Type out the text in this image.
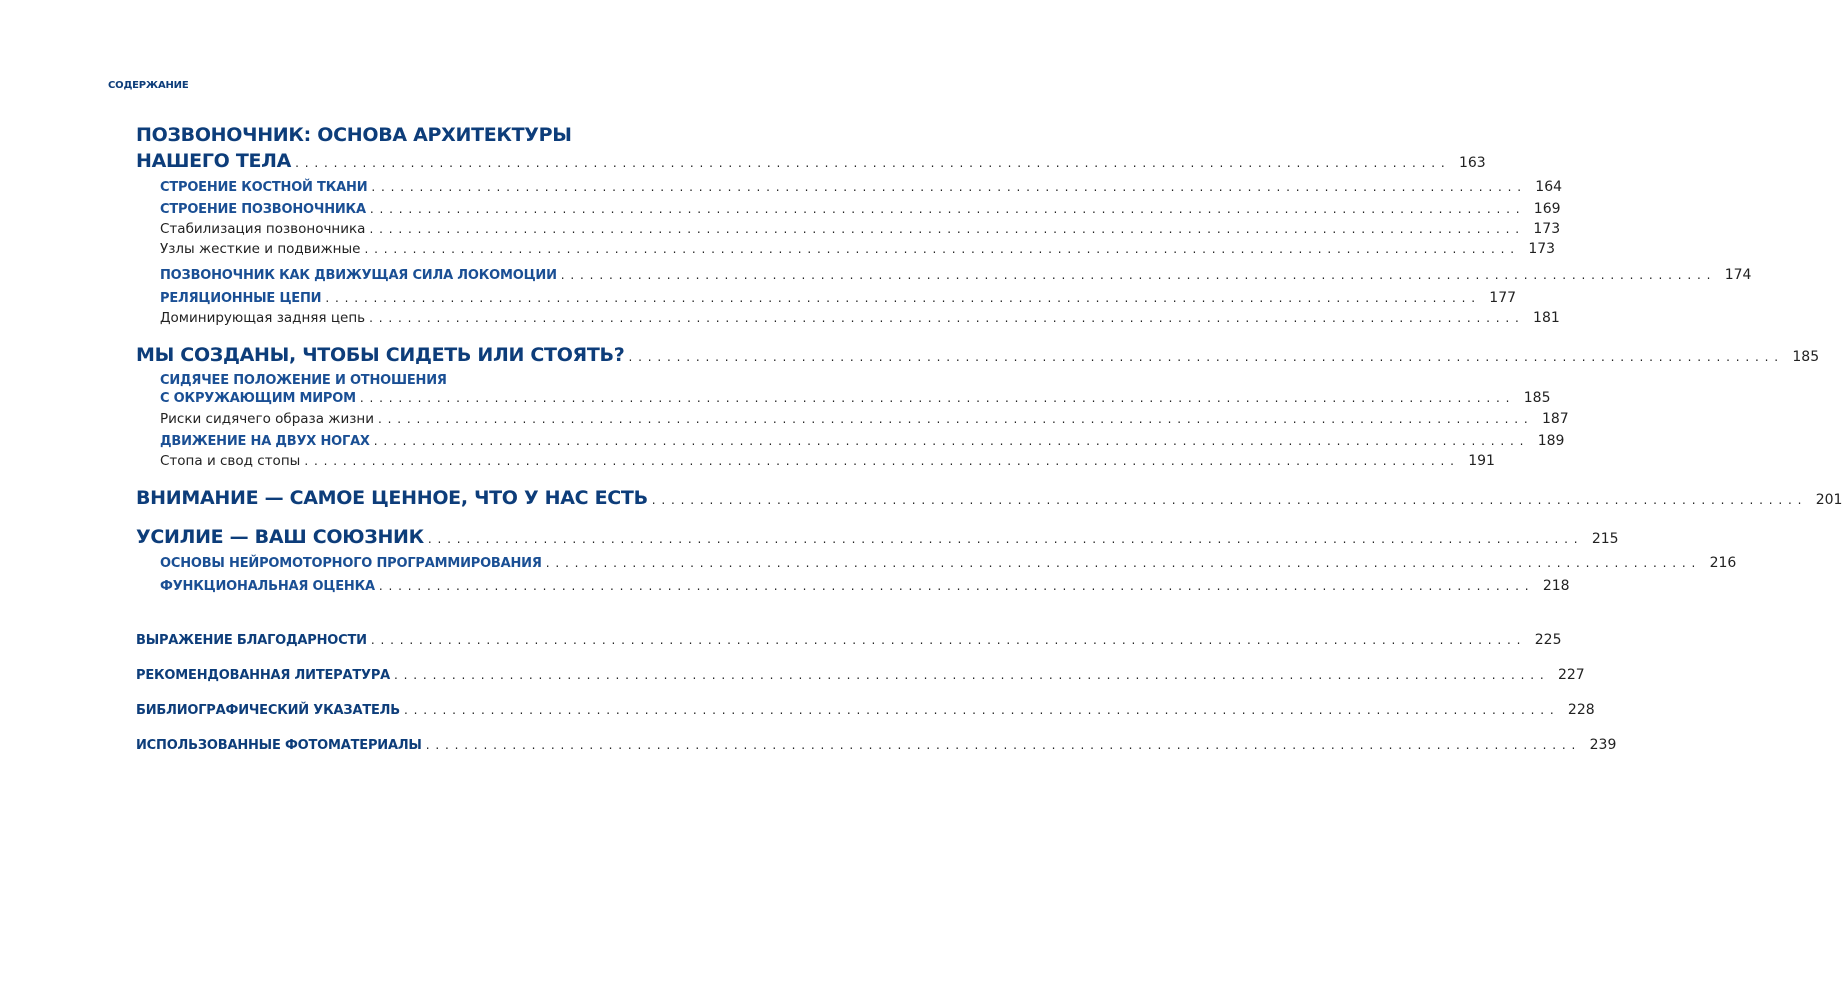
СОДЕРЖАНИЕ
ПОЗВОНОЧНИК: ОСНОВА АРХИТЕКТУРЫ
НАШЕГО ТЕЛА . . . . . . . . . . . . . . . . . . . . . . . . . . . . . . . . . . . . . . . . . . . . . . . . . . . . . . . . . . . . . . . . . . . . . . . . . . . . . . . . . . . . . . . . . . . . . . . . . . . . . . . . . . . . . . . . . . . . . . . . 163
СТРОЕНИЕ КОСТНОЙ ТКАНИ . . . . . . . . . . . . . . . . . . . . . . . . . . . . . . . . . . . . . . . . . . . . . . . . . . . . . . . . . . . . . . . . . . . . . . . . . . . . . . . . . . . . . . . . . . . . . . . . . . . . . . . . . . . . . . . . . . . . . . . . 164
СТРОЕНИЕ ПОЗВОНОЧНИКА . . . . . . . . . . . . . . . . . . . . . . . . . . . . . . . . . . . . . . . . . . . . . . . . . . . . . . . . . . . . . . . . . . . . . . . . . . . . . . . . . . . . . . . . . . . . . . . . . . . . . . . . . . . . . . . . . . . . . . . . 169
Стабилизация позвоночника . . . . . . . . . . . . . . . . . . . . . . . . . . . . . . . . . . . . . . . . . . . . . . . . . . . . . . . . . . . . . . . . . . . . . . . . . . . . . . . . . . . . . . . . . . . . . . . . . . . . . . . . . . . . . . . . . . . . . . . . 173
Узлы жесткие и подвижные . . . . . . . . . . . . . . . . . . . . . . . . . . . . . . . . . . . . . . . . . . . . . . . . . . . . . . . . . . . . . . . . . . . . . . . . . . . . . . . . . . . . . . . . . . . . . . . . . . . . . . . . . . . . . . . . . . . . . . . . 173
ПОЗВОНОЧНИК КАК ДВИЖУЩАЯ СИЛА ЛОКОМОЦИИ . . . . . . . . . . . . . . . . . . . . . . . . . . . . . . . . . . . . . . . . . . . . . . . . . . . . . . . . . . . . . . . . . . . . . . . . . . . . . . . . . . . . . . . . . . . . . . . . . . . . . . . . . . . . . . . . . . . . . . . . 174
РЕЛЯЦИОННЫЕ ЦЕПИ . . . . . . . . . . . . . . . . . . . . . . . . . . . . . . . . . . . . . . . . . . . . . . . . . . . . . . . . . . . . . . . . . . . . . . . . . . . . . . . . . . . . . . . . . . . . . . . . . . . . . . . . . . . . . . . . . . . . . . . . 177
Доминирующая задняя цепь . . . . . . . . . . . . . . . . . . . . . . . . . . . . . . . . . . . . . . . . . . . . . . . . . . . . . . . . . . . . . . . . . . . . . . . . . . . . . . . . . . . . . . . . . . . . . . . . . . . . . . . . . . . . . . . . . . . . . . . . 181
МЫ СОЗДАНЫ, ЧТОБЫ СИДЕТЬ ИЛИ СТОЯТЬ? . . . . . . . . . . . . . . . . . . . . . . . . . . . . . . . . . . . . . . . . . . . . . . . . . . . . . . . . . . . . . . . . . . . . . . . . . . . . . . . . . . . . . . . . . . . . . . . . . . . . . . . . . . . . . . . . . . . . . . . . 185
СИДЯЧЕЕ ПОЛОЖЕНИЕ И ОТНОШЕНИЯ
С ОКРУЖАЮЩИМ МИРОМ . . . . . . . . . . . . . . . . . . . . . . . . . . . . . . . . . . . . . . . . . . . . . . . . . . . . . . . . . . . . . . . . . . . . . . . . . . . . . . . . . . . . . . . . . . . . . . . . . . . . . . . . . . . . . . . . . . . . . . . . 185
Риски сидячего образа жизни . . . . . . . . . . . . . . . . . . . . . . . . . . . . . . . . . . . . . . . . . . . . . . . . . . . . . . . . . . . . . . . . . . . . . . . . . . . . . . . . . . . . . . . . . . . . . . . . . . . . . . . . . . . . . . . . . . . . . . . . 187
ДВИЖЕНИЕ НА ДВУХ НОГАХ . . . . . . . . . . . . . . . . . . . . . . . . . . . . . . . . . . . . . . . . . . . . . . . . . . . . . . . . . . . . . . . . . . . . . . . . . . . . . . . . . . . . . . . . . . . . . . . . . . . . . . . . . . . . . . . . . . . . . . . . 189
Стопа и свод стопы . . . . . . . . . . . . . . . . . . . . . . . . . . . . . . . . . . . . . . . . . . . . . . . . . . . . . . . . . . . . . . . . . . . . . . . . . . . . . . . . . . . . . . . . . . . . . . . . . . . . . . . . . . . . . . . . . . . . . . . . 191
ВНИМАНИЕ — САМОЕ ЦЕННОЕ, ЧТО У НАС ЕСТЬ . . . . . . . . . . . . . . . . . . . . . . . . . . . . . . . . . . . . . . . . . . . . . . . . . . . . . . . . . . . . . . . . . . . . . . . . . . . . . . . . . . . . . . . . . . . . . . . . . . . . . . . . . . . . . . . . . . . . . . . . 201
УСИЛИЕ — ВАШ СОЮЗНИК . . . . . . . . . . . . . . . . . . . . . . . . . . . . . . . . . . . . . . . . . . . . . . . . . . . . . . . . . . . . . . . . . . . . . . . . . . . . . . . . . . . . . . . . . . . . . . . . . . . . . . . . . . . . . . . . . . . . . . . . 215
ОСНОВЫ НЕЙРОМОТОРНОГО ПРОГРАММИРОВАНИЯ . . . . . . . . . . . . . . . . . . . . . . . . . . . . . . . . . . . . . . . . . . . . . . . . . . . . . . . . . . . . . . . . . . . . . . . . . . . . . . . . . . . . . . . . . . . . . . . . . . . . . . . . . . . . . . . . . . . . . . . . 216
ФУНКЦИОНАЛЬНАЯ ОЦЕНКА . . . . . . . . . . . . . . . . . . . . . . . . . . . . . . . . . . . . . . . . . . . . . . . . . . . . . . . . . . . . . . . . . . . . . . . . . . . . . . . . . . . . . . . . . . . . . . . . . . . . . . . . . . . . . . . . . . . . . . . . 218
ВЫРАЖЕНИЕ БЛАГОДАРНОСТИ . . . . . . . . . . . . . . . . . . . . . . . . . . . . . . . . . . . . . . . . . . . . . . . . . . . . . . . . . . . . . . . . . . . . . . . . . . . . . . . . . . . . . . . . . . . . . . . . . . . . . . . . . . . . . . . . . . . . . . . . 225
РЕКОМЕНДОВАННАЯ ЛИТЕРАТУРА . . . . . . . . . . . . . . . . . . . . . . . . . . . . . . . . . . . . . . . . . . . . . . . . . . . . . . . . . . . . . . . . . . . . . . . . . . . . . . . . . . . . . . . . . . . . . . . . . . . . . . . . . . . . . . . . . . . . . . . . 227
БИБЛИОГРАФИЧЕСКИЙ УКАЗАТЕЛЬ . . . . . . . . . . . . . . . . . . . . . . . . . . . . . . . . . . . . . . . . . . . . . . . . . . . . . . . . . . . . . . . . . . . . . . . . . . . . . . . . . . . . . . . . . . . . . . . . . . . . . . . . . . . . . . . . . . . . . . . . 228
ИСПОЛЬЗОВАННЫЕ ФОТОМАТЕРИАЛЫ . . . . . . . . . . . . . . . . . . . . . . . . . . . . . . . . . . . . . . . . . . . . . . . . . . . . . . . . . . . . . . . . . . . . . . . . . . . . . . . . . . . . . . . . . . . . . . . . . . . . . . . . . . . . . . . . . . . . . . . . 239
